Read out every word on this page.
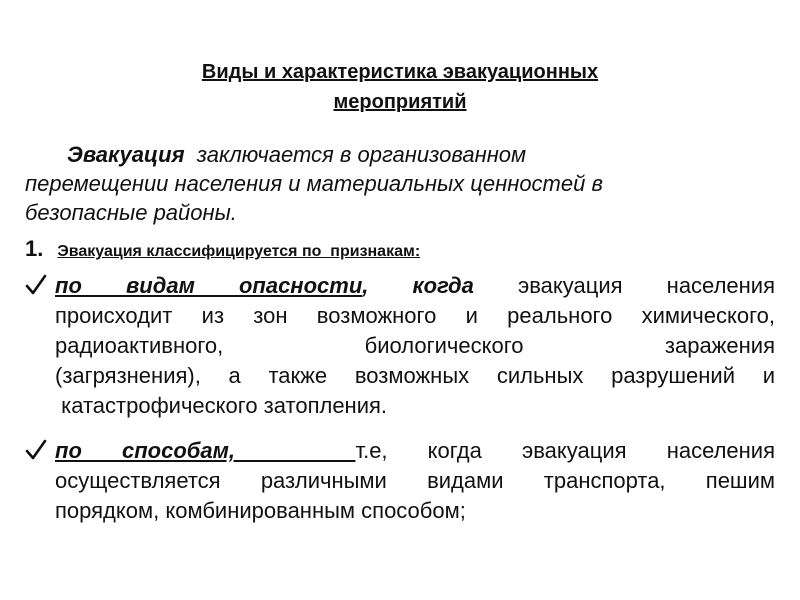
Виды и характеристика эвакуационных
мероприятий
Эвакуация  заключается в организованном
перемещении населения и материальных ценностей в
безопасные районы.
1. Эвакуация классифицируется по  признакам:
по видам опасности, когда эвакуация населения
происходит из зон возможного и реального химического,
радиоактивного, биологического заражения
(загрязнения), а также возможных сильных разрушений и
катастрофического затопления.
по способам,	т.е, когда эвакуация населения
осуществляется различными видами транспорта, пешим
порядком, комбинированным способом;
